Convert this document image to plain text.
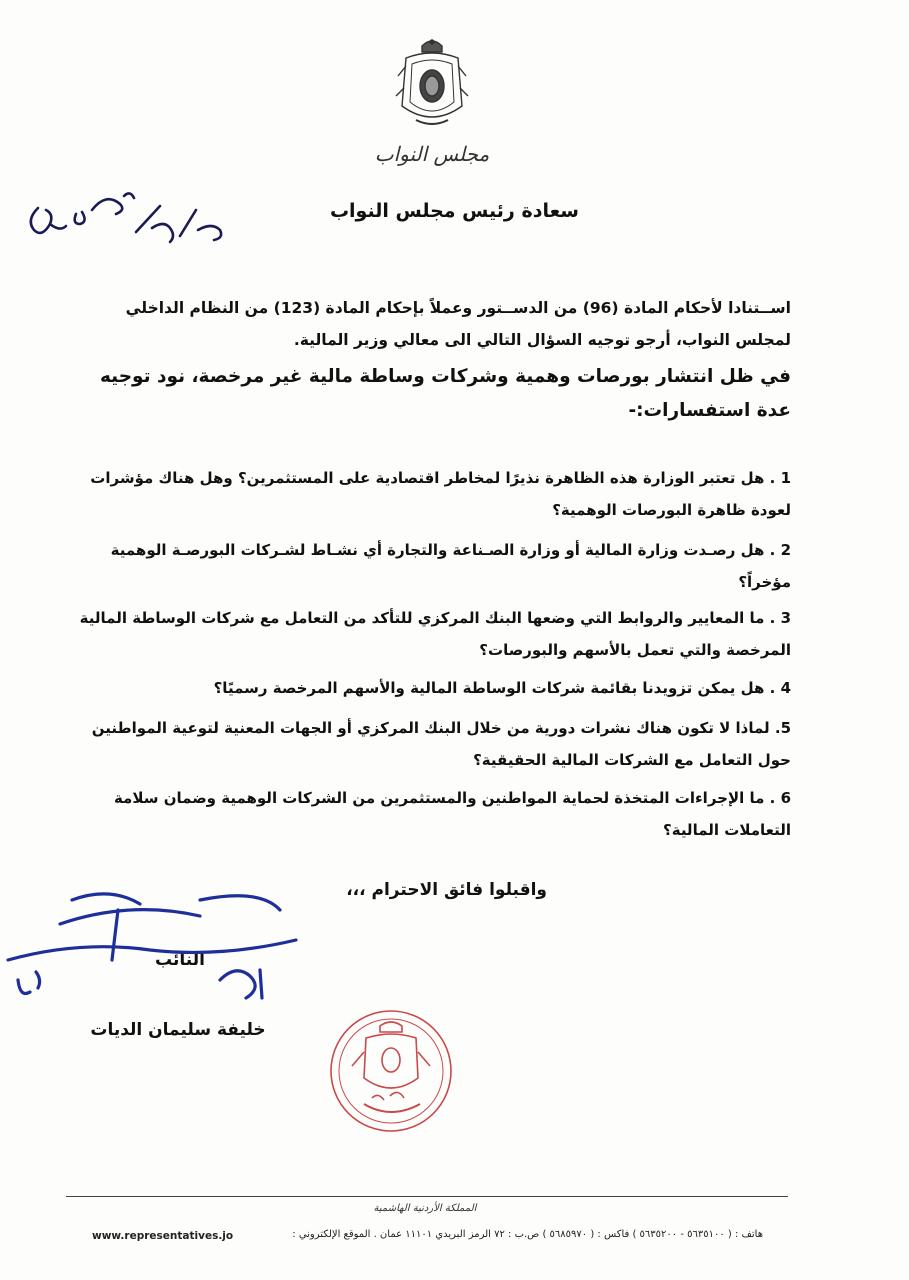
مجلس النواب
سعادة رئيس مجلس النواب
اســتنادا لأحكام المادة (96) من الدســتور وعملاً بإحكام المادة (123) من النظام الداخلي لمجلس النواب، أرجو توجيه السؤال التالي الى معالي وزير المالية.
في ظل انتشار بورصات وهمية وشركات وساطة مالية غير مرخصة، نود توجيه عدة استفسارات:-
1 . هل تعتبر الوزارة هذه الظاهرة نذيرًا لمخاطر اقتصادية على المستثمرين؟ وهل هناك مؤشرات لعودة ظاهرة البورصات الوهمية؟
2 . هل رصـدت وزارة المالية أو وزارة الصـناعة والتجارة أي نشـاط لشـركات البورصـة الوهمية مؤخراً؟
3 . ما المعايير والروابط التي وضعها البنك المركزي للتأكد من التعامل مع شركات الوساطة المالية المرخصة والتي تعمل بالأسهم والبورصات؟
4 . هل يمكن تزويدنا بقائمة شركات الوساطة المالية والأسهم المرخصة رسميًا؟
5. لماذا لا تكون هناك نشرات دورية من خلال البنك المركزي أو الجهات المعنية لتوعية المواطنين حول التعامل مع الشركات المالية الحقيقية؟
6 . ما الإجراءات المتخذة لحماية المواطنين والمستثمرين من الشركات الوهمية وضمان سلامة التعاملات المالية؟
واقبلوا فائق الاحترام ،،،
النائب
خليفة سليمان الديات
المملكة الأردنية الهاشمية
هاتف : ( ٥٦٣٥١٠٠ - ٥٦٣٥٢٠٠ ) فاكس : ( ٥٦٨٥٩٧٠ ) ص.ب : ٧٢ الرمز البريدي ١١١٠١ عمان . الموقع الإلكتروني :
www.representatives.jo
